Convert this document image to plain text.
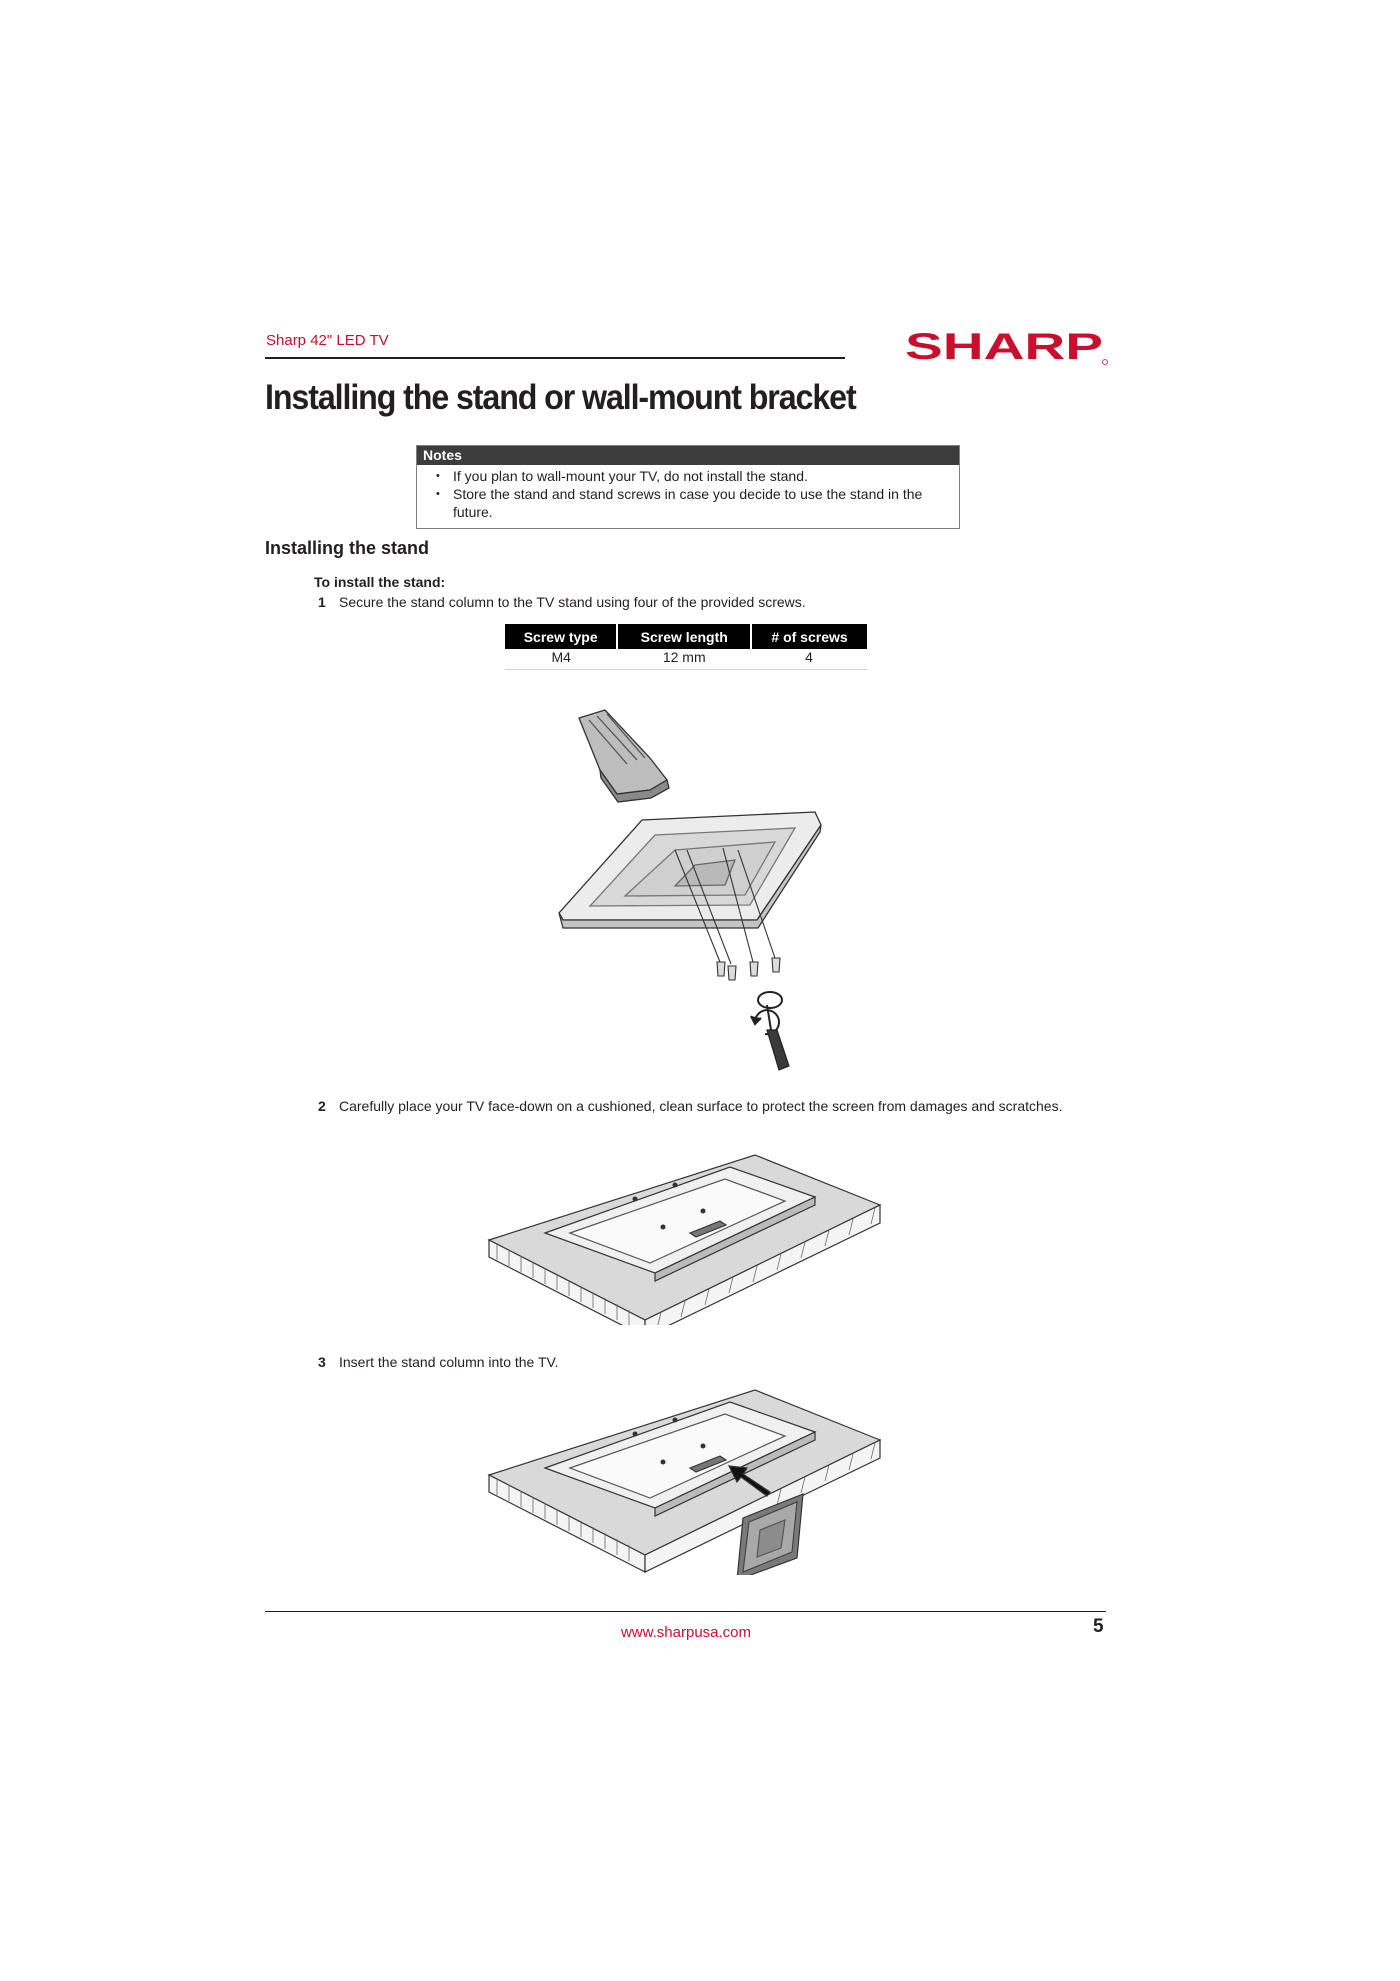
Sharp 42" LED TV	SHARP
Installing the stand or wall-mount bracket
Notes
• If you plan to wall-mount your TV, do not install the stand.
• Store the stand and stand screws in case you decide to use the stand in the future.
Installing the stand
To install the stand:
1 Secure the stand column to the TV stand using four of the provided screws.
Screw type	Screw length	# of screws
M4	12 mm	4
2 Carefully place your TV face-down on a cushioned, clean surface to protect the screen from damages and scratches.
3 Insert the stand column into the TV.
www.sharpusa.com	5
